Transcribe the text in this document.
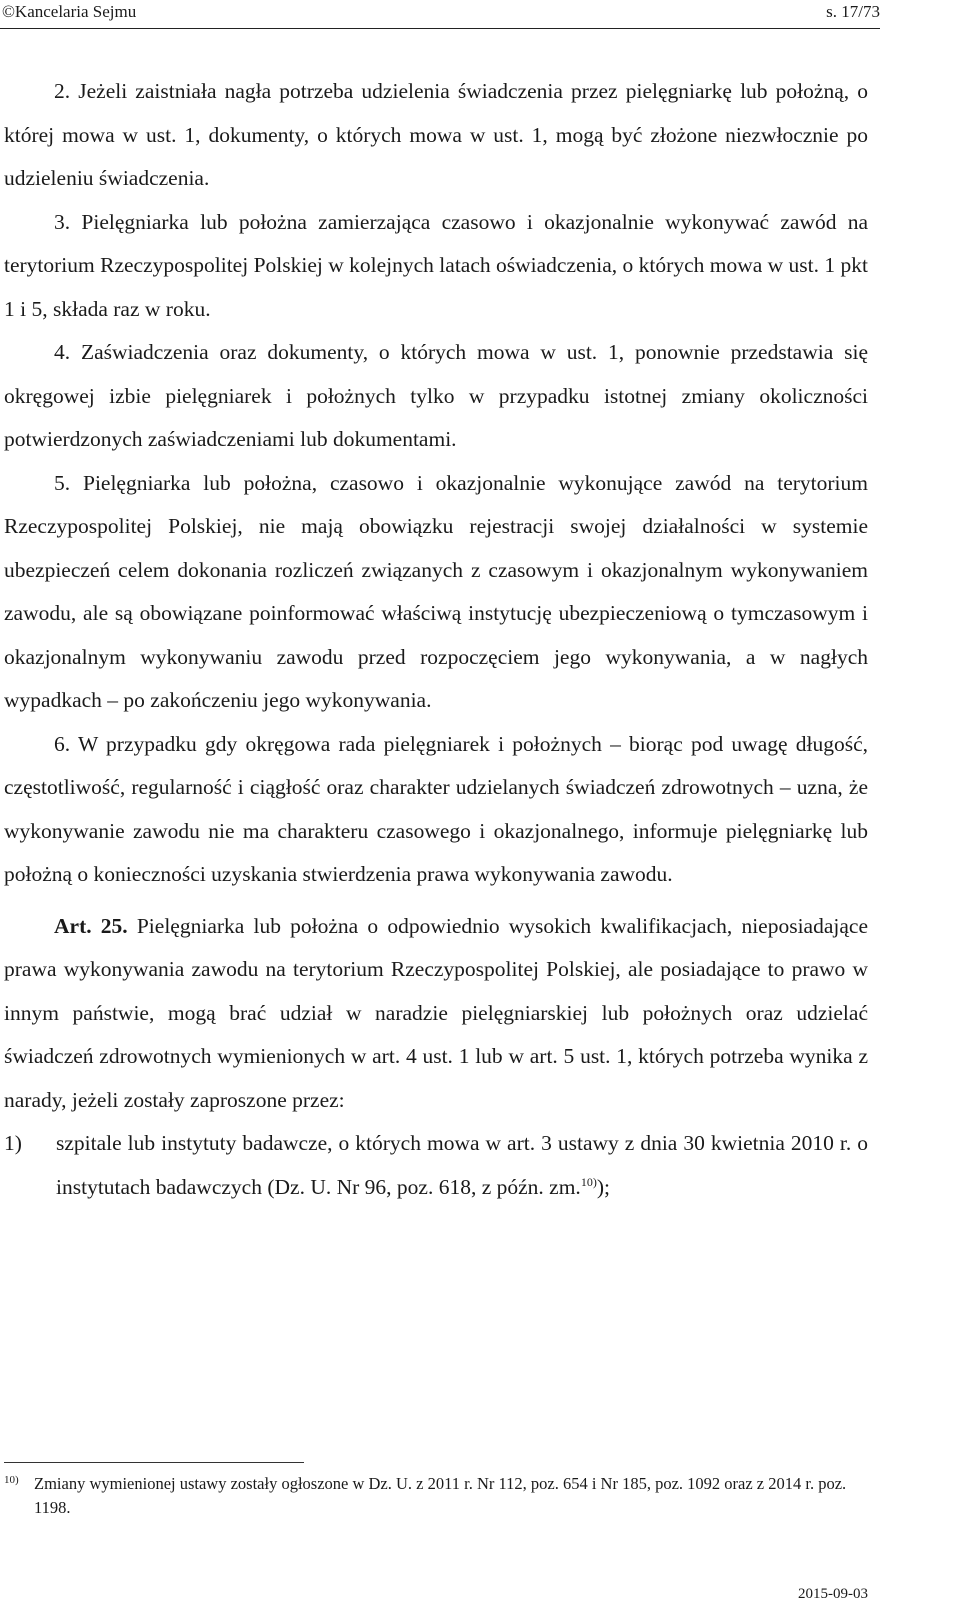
©Kancelaria Sejmu	s. 17/73

2. Jeżeli zaistniała nagła potrzeba udzielenia świadczenia przez pielęgniarkę lub położną, o której mowa w ust. 1, dokumenty, o których mowa w ust. 1, mogą być złożone niezwłocznie po udzieleniu świadczenia.

3. Pielęgniarka lub położna zamierzająca czasowo i okazjonalnie wykonywać zawód na terytorium Rzeczypospolitej Polskiej w kolejnych latach oświadczenia, o których mowa w ust. 1 pkt 1 i 5, składa raz w roku.

4. Zaświadczenia oraz dokumenty, o których mowa w ust. 1, ponownie przedstawia się okręgowej izbie pielęgniarek i położnych tylko w przypadku istotnej zmiany okoliczności potwierdzonych zaświadczeniami lub dokumentami.

5. Pielęgniarka lub położna, czasowo i okazjonalnie wykonujące zawód na terytorium Rzeczypospolitej Polskiej, nie mają obowiązku rejestracji swojej działalności w systemie ubezpieczeń celem dokonania rozliczeń związanych z czasowym i okazjonalnym wykonywaniem zawodu, ale są obowiązane poinformować właściwą instytucję ubezpieczeniową o tymczasowym i okazjonalnym wykonywaniu zawodu przed rozpoczęciem jego wykonywania, a w nagłych wypadkach – po zakończeniu jego wykonywania.

6. W przypadku gdy okręgowa rada pielęgniarek i położnych – biorąc pod uwagę długość, częstotliwość, regularność i ciągłość oraz charakter udzielanych świadczeń zdrowotnych – uzna, że wykonywanie zawodu nie ma charakteru czasowego i okazjonalnego, informuje pielęgniarkę lub położną o konieczności uzyskania stwierdzenia prawa wykonywania zawodu.

Art. 25. Pielęgniarka lub położna o odpowiednio wysokich kwalifikacjach, nieposiadające prawa wykonywania zawodu na terytorium Rzeczypospolitej Polskiej, ale posiadające to prawo w innym państwie, mogą brać udział w naradzie pielęgniarskiej lub położnych oraz udzielać świadczeń zdrowotnych wymienionych w art. 4 ust. 1 lub w art. 5 ust. 1, których potrzeba wynika z narady, jeżeli zostały zaproszone przez:

1) szpitale lub instytuty badawcze, o których mowa w art. 3 ustawy z dnia 30 kwietnia 2010 r. o instytutach badawczych (Dz. U. Nr 96, poz. 618, z późn. zm.$^{10)}$);

10) Zmiany wymienionej ustawy zostały ogłoszone w Dz. U. z 2011 r. Nr 112, poz. 654 i Nr 185, poz. 1092 oraz z 2014 r. poz. 1198.
2015-09-03
